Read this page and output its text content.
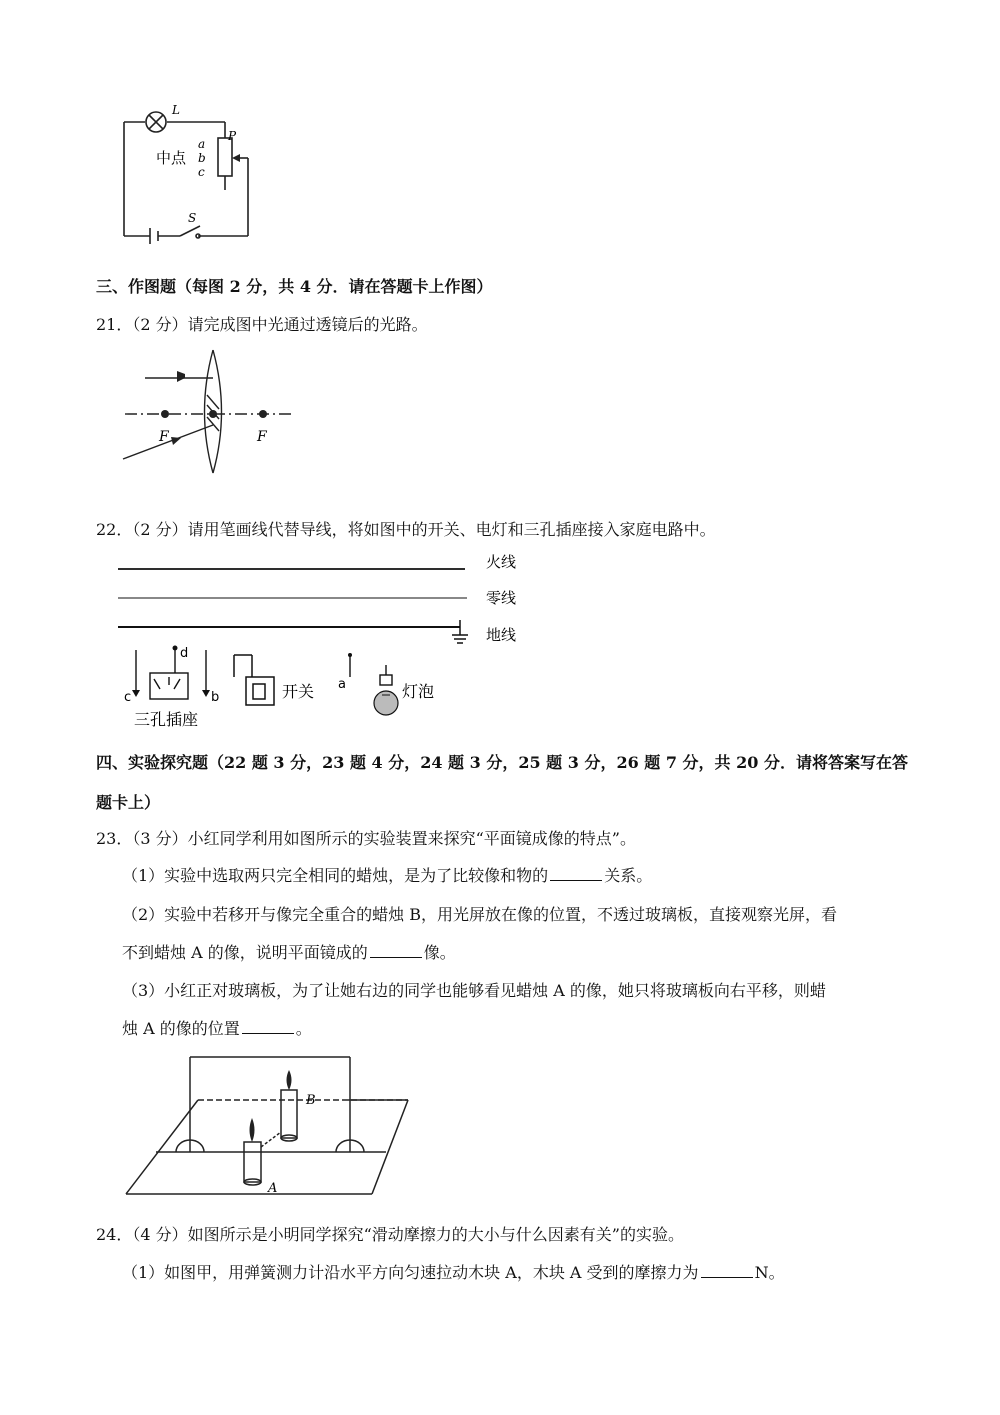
L
中点
a
b
c
P
S
三、作图题（每图 2 分，共 4 分．请在答题卡上作图）
21．（2 分）请完成图中光通过透镜后的光路。
F	F
22．（2 分）请用笔画线代替导线，将如图中的开关、电灯和三孔插座接入家庭电路中。
火线
零线
地线
c
d
b
三孔插座
开关 a	灯泡
四、实验探究题（22 题 3 分，23 题 4 分，24 题 3 分，25 题 3 分，26 题 7 分，共 20 分．请将答案写在答
题卡上）
23．（3 分）小红同学利用如图所示的实验装置来探究“平面镜成像的特点”。
（1）实验中选取两只完全相同的蜡烛，是为了比较像和物的	关系。
（2）实验中若移开与像完全重合的蜡烛 B，用光屏放在像的位置，不透过玻璃板，直接观察光屏，看
不到蜡烛 A 的像，说明平面镜成的	像。
（3）小红正对玻璃板，为了让她右边的同学也能够看见蜡烛 A 的像，她只将玻璃板向右平移，则蜡
烛 A 的像的位置	。
B
A
24．（4 分）如图所示是小明同学探究“滑动摩擦力的大小与什么因素有关”的实验。
（1）如图甲，用弹簧测力计沿水平方向匀速拉动木块 A，木块 A 受到的摩擦力为	N。
